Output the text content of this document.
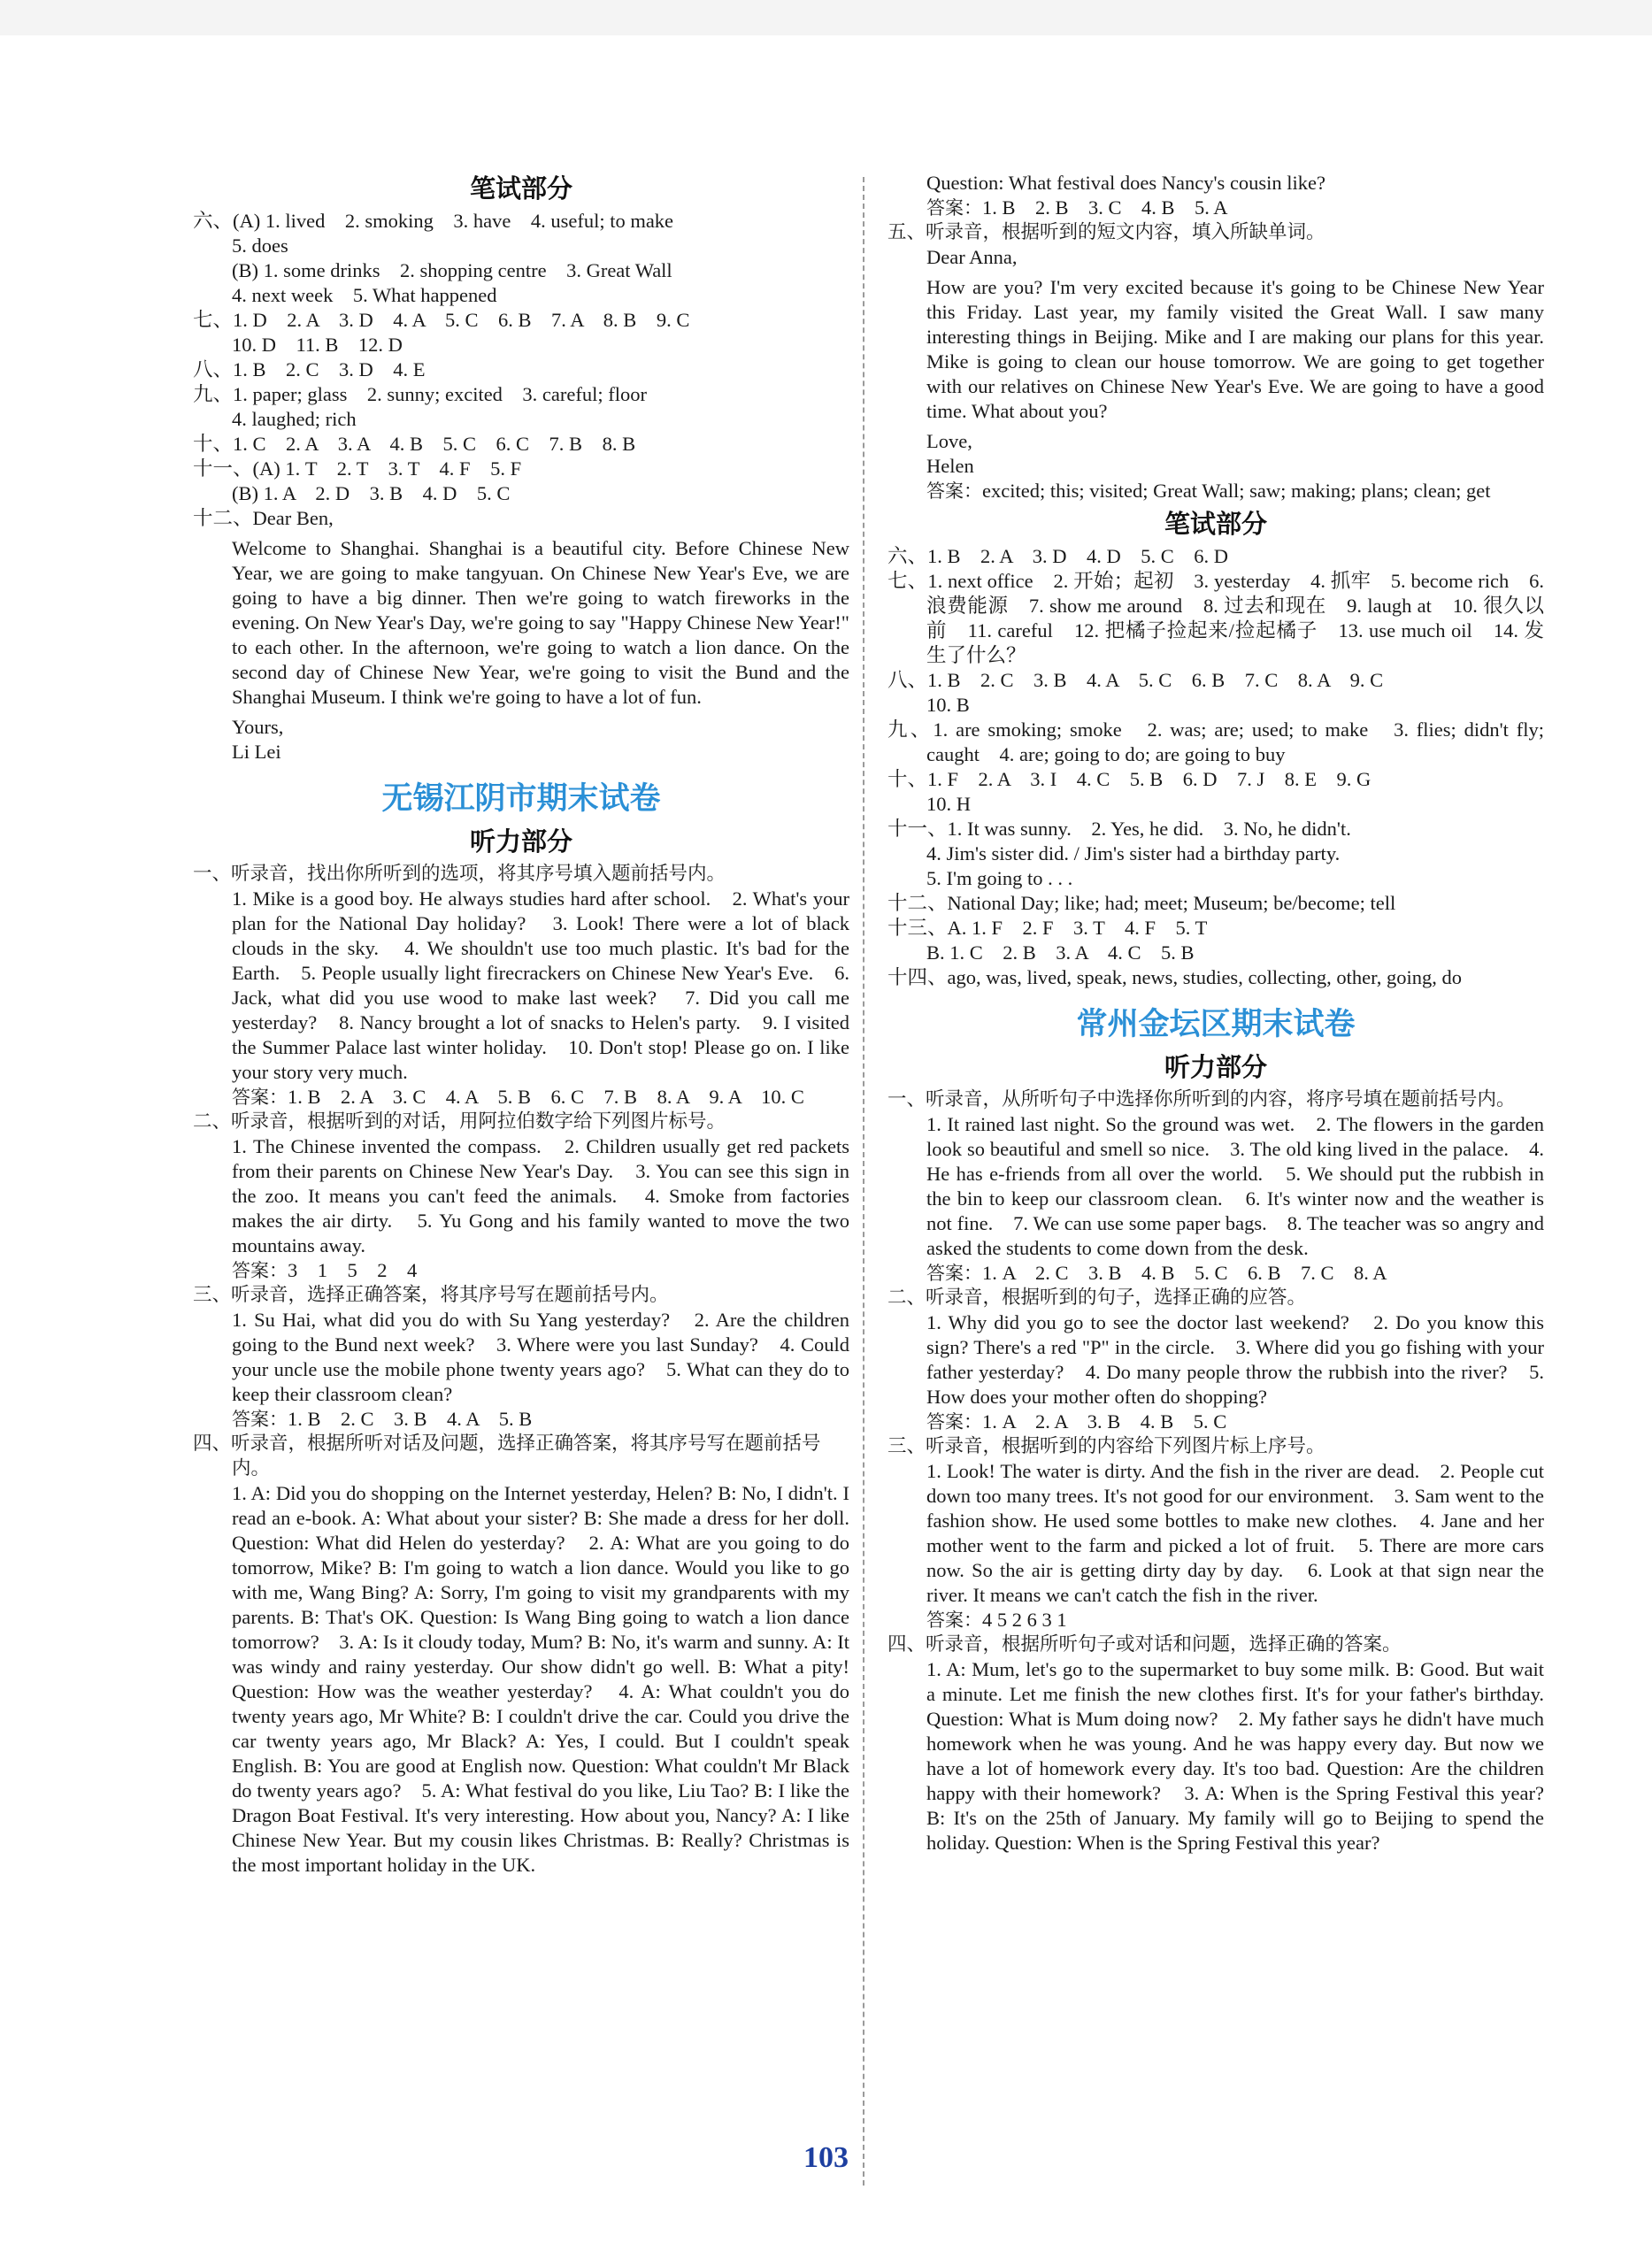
笔试部分

六、(A) 1. lived　2. smoking　3. have　4. useful; to make

5. does

(B) 1. some drinks　2. shopping centre　3. Great Wall

4. next week　5. What happened

七、1. D　2. A　3. D　4. A　5. C　6. B　7. A　8. B　9. C

10. D　11. B　12. D

八、1. B　2. C　3. D　4. E

九、1. paper; glass　2. sunny; excited　3. careful; floor

4. laughed; rich

十、1. C　2. A　3. A　4. B　5. C　6. C　7. B　8. B

十一、(A) 1. T　2. T　3. T　4. F　5. F

(B) 1. A　2. D　3. B　4. D　5. C

十二、Dear Ben,

Welcome to Shanghai. Shanghai is a beautiful city. Before Chinese New Year, we are going to make tangyuan. On Chinese New Year's Eve, we are going to have a big dinner. Then we're going to watch fireworks in the evening. On New Year's Day, we're going to say "Happy Chinese New Year!" to each other. In the afternoon, we're going to watch a lion dance. On the second day of Chinese New Year, we're going to visit the Bund and the Shanghai Museum. I think we're going to have a lot of fun.

Yours,

Li Lei

无锡江阴市期末试卷
听力部分

一、听录音，找出你所听到的选项，将其序号填入题前括号内。

1. Mike is a good boy. He always studies hard after school.　2. What's your plan for the National Day holiday?　3. Look! There were a lot of black clouds in the sky.　4. We shouldn't use too much plastic. It's bad for the Earth.　5. People usually light firecrackers on Chinese New Year's Eve.　6. Jack, what did you use wood to make last week?　7. Did you call me yesterday?　8. Nancy brought a lot of snacks to Helen's party.　9. I visited the Summer Palace last winter holiday.　10. Don't stop! Please go on. I like your story very much.

答案：1. B　2. A　3. C　4. A　5. B　6. C　7. B　8. A　9. A　10. C

二、听录音，根据听到的对话，用阿拉伯数字给下列图片标号。

1. The Chinese invented the compass.　2. Children usually get red packets from their parents on Chinese New Year's Day.　3. You can see this sign in the zoo. It means you can't feed the animals.　4. Smoke from factories makes the air dirty.　5. Yu Gong and his family wanted to move the two mountains away.

答案：3　1　5　2　4

三、听录音，选择正确答案，将其序号写在题前括号内。

1. Su Hai, what did you do with Su Yang yesterday?　2. Are the children going to the Bund next week?　3. Where were you last Sunday?　4. Could your uncle use the mobile phone twenty years ago?　5. What can they do to keep their classroom clean?

答案：1. B　2. C　3. B　4. A　5. B

四、听录音，根据所听对话及问题，选择正确答案，将其序号写在题前括号内。

1. A: Did you do shopping on the Internet yesterday, Helen? B: No, I didn't. I read an e-book. A: What about your sister? B: She made a dress for her doll. Question: What did Helen do yesterday?　2. A: What are you going to do tomorrow, Mike? B: I'm going to watch a lion dance. Would you like to go with me, Wang Bing? A: Sorry, I'm going to visit my grandparents with my parents. B: That's OK. Question: Is Wang Bing going to watch a lion dance tomorrow?　3. A: Is it cloudy today, Mum? B: No, it's warm and sunny. A: It was windy and rainy yesterday. Our show didn't go well. B: What a pity! Question: How was the weather yesterday?　4. A: What couldn't you do twenty years ago, Mr White? B: I couldn't drive the car. Could you drive the car twenty years ago, Mr Black? A: Yes, I could. But I couldn't speak English. B: You are good at English now. Question: What couldn't Mr Black do twenty years ago?　5. A: What festival do you like, Liu Tao? B: I like the Dragon Boat Festival. It's very interesting. How about you, Nancy? A: I like Chinese New Year. But my cousin likes Christmas. B: Really? Christmas is the most important holiday in the UK.

Question: What festival does Nancy's cousin like?

答案：1. B　2. B　3. C　4. B　5. A

五、听录音，根据听到的短文内容，填入所缺单词。

Dear Anna,

How are you? I'm very excited because it's going to be Chinese New Year this Friday. Last year, my family visited the Great Wall. I saw many interesting things in Beijing. Mike and I are making our plans for this year. Mike is going to clean our house tomorrow. We are going to get together with our relatives on Chinese New Year's Eve. We are going to have a good time. What about you?

Love,

Helen

答案：excited; this; visited; Great Wall; saw; making; plans; clean; get

笔试部分

六、1. B　2. A　3. D　4. D　5. C　6. D

七、1. next office　2. 开始；起初　3. yesterday　4. 抓牢　5. become rich　6. 浪费能源　7. show me around　8. 过去和现在　9. laugh at　10. 很久以前　11. careful　12. 把橘子捡起来/捡起橘子　13. use much oil　14. 发生了什么？

八、1. B　2. C　3. B　4. A　5. C　6. B　7. C　8. A　9. C

10. B

九、1. are smoking; smoke　2. was; are; used; to make　3. flies; didn't fly; caught　4. are; going to do; are going to buy

十、1. F　2. A　3. I　4. C　5. B　6. D　7. J　8. E　9. G

10. H

十一、1. It was sunny.　2. Yes, he did.　3. No, he didn't.

4. Jim's sister did. / Jim's sister had a birthday party.

5. I'm going to . . .

十二、National Day; like; had; meet; Museum; be/become; tell

十三、A. 1. F　2. F　3. T　4. F　5. T

B. 1. C　2. B　3. A　4. C　5. B

十四、ago, was, lived, speak, news, studies, collecting, other, going, do

常州金坛区期末试卷
听力部分

一、听录音，从所听句子中选择你所听到的内容，将序号填在题前括号内。

1. It rained last night. So the ground was wet.　2. The flowers in the garden look so beautiful and smell so nice.　3. The old king lived in the palace.　4. He has e-friends from all over the world.　5. We should put the rubbish in the bin to keep our classroom clean.　6. It's winter now and the weather is not fine.　7. We can use some paper bags.　8. The teacher was so angry and asked the students to come down from the desk.

答案：1. A　2. C　3. B　4. B　5. C　6. B　7. C　8. A

二、听录音，根据听到的句子，选择正确的应答。

1. Why did you go to see the doctor last weekend?　2. Do you know this sign? There's a red "P" in the circle.　3. Where did you go fishing with your father yesterday?　4. Do many people throw the rubbish into the river?　5. How does your mother often do shopping?

答案：1. A　2. A　3. B　4. B　5. C

三、听录音，根据听到的内容给下列图片标上序号。

1. Look! The water is dirty. And the fish in the river are dead.　2. People cut down too many trees. It's not good for our environment.　3. Sam went to the fashion show. He used some bottles to make new clothes.　4. Jane and her mother went to the farm and picked a lot of fruit.　5. There are more cars now. So the air is getting dirty day by day.　6. Look at that sign near the river. It means we can't catch the fish in the river.

答案：4 5 2 6 3 1

四、听录音，根据所听句子或对话和问题，选择正确的答案。

1. A: Mum, let's go to the supermarket to buy some milk. B: Good. But wait a minute. Let me finish the new clothes first. It's for your father's birthday. Question: What is Mum doing now?　2. My father says he didn't have much homework when he was young. And he was happy every day. But now we have a lot of homework every day. It's too bad. Question: Are the children happy with their homework?　3. A: When is the Spring Festival this year? B: It's on the 25th of January. My family will go to Beijing to spend the holiday. Question: When is the Spring Festival this year?

103
